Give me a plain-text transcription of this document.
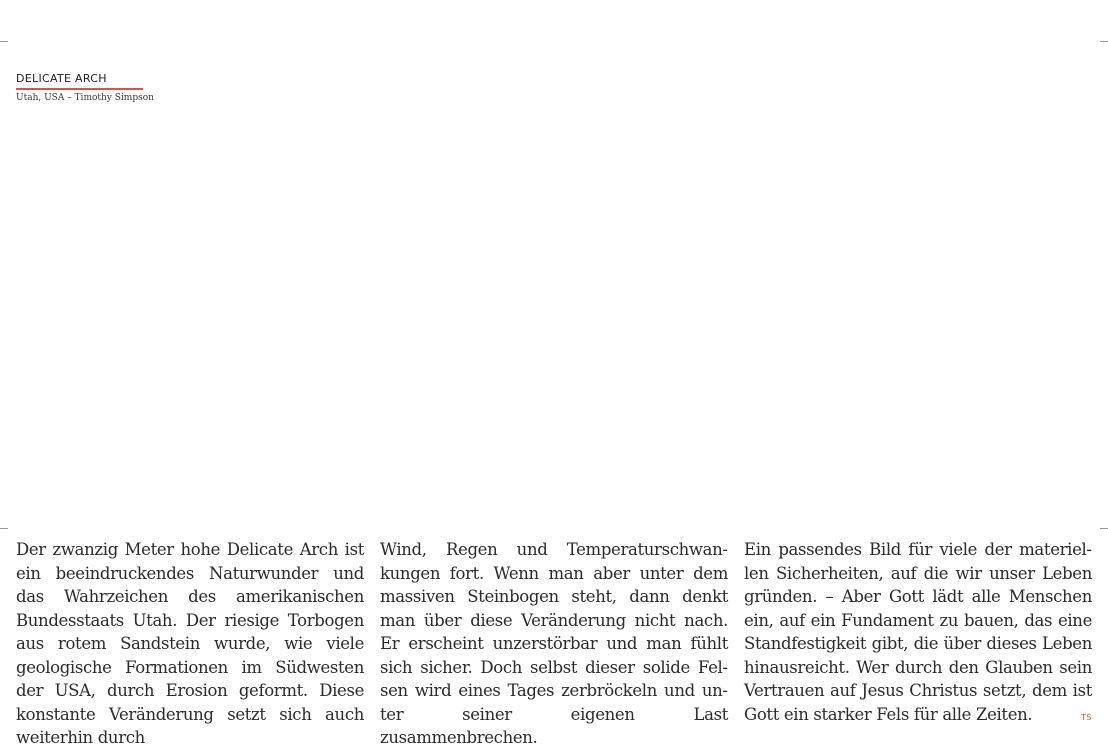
DELICATE ARCH
Utah, USA – Timothy Simpson
Der zwanzig Meter hohe Delicate Arch ist ein beeindruckendes Naturwunder und das Wahrzeichen des amerikanischen Bundesstaats Utah. Der riesige Torbogen aus rotem Sandstein wurde, wie viele geologische Formationen im Südwesten der USA, durch Erosion geformt. Diese konstante Veränderung setzt sich auch weiterhin durch
Wind, Regen und Temperaturschwankungen fort. Wenn man aber unter dem massiven Steinbogen steht, dann denkt man über diese Veränderung nicht nach. Er erscheint unzerstörbar und man fühlt sich sicher. Doch selbst dieser solide Felsen wird eines Tages zerbröckeln und unter seiner eigenen Last zusammenbrechen.
Ein passendes Bild für viele der materiellen Sicherheiten, auf die wir unser Leben gründen. – Aber Gott lädt alle Menschen ein, auf ein Fundament zu bauen, das eine Standfestigkeit gibt, die über dieses Leben hinausreicht. Wer durch den Glauben sein Vertrauen auf Jesus Christus setzt, dem ist Gott ein starker Fels für alle Zeiten.	TS
